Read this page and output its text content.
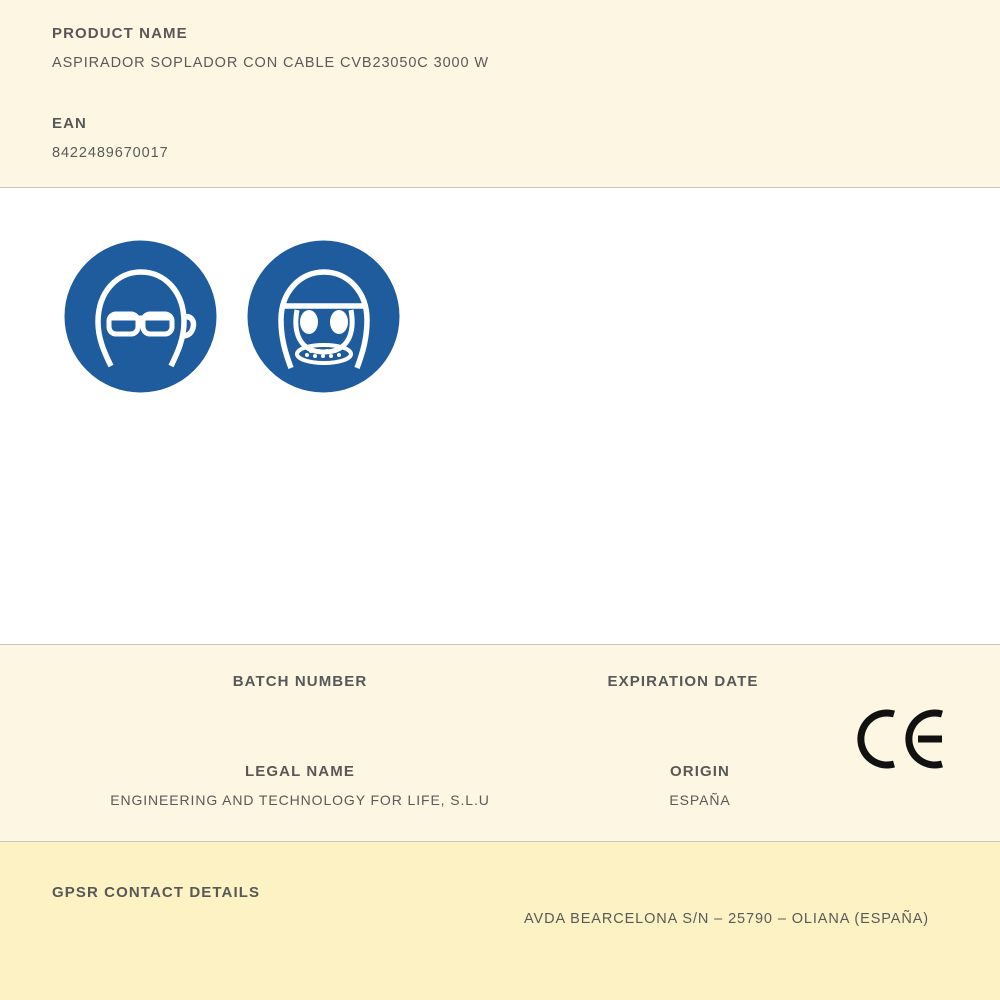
PRODUCT NAME
ASPIRADOR SOPLADOR CON CABLE CVB23050C 3000 W
EAN
8422489670017
BATCH NUMBER	EXPIRATION DATE
LEGAL NAME
ENGINEERING AND TECHNOLOGY FOR LIFE, S.L.U
ORIGIN
ESPAÑA
GPSR CONTACT DETAILS
AVDA BEARCELONA S/N – 25790 – OLIANA (ESPAÑA)
